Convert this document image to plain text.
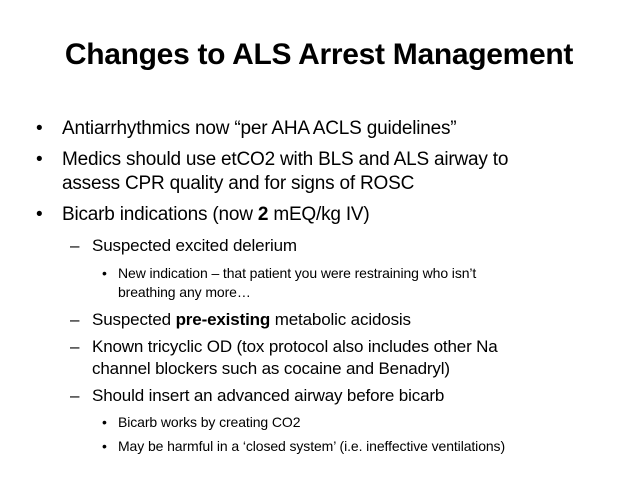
Changes to ALS Arrest Management
• Antiarrhythmics now “per AHA ACLS guidelines”
• Medics should use etCO2 with BLS and ALS airway to
assess CPR quality and for signs of ROSC
• Bicarb indications (now 2 mEQ/kg IV)
– Suspected excited delerium
• New indication – that patient you were restraining who isn’t
breathing any more…
– Suspected pre-existing metabolic acidosis
– Known tricyclic OD (tox protocol also includes other Na
channel blockers such as cocaine and Benadryl)
– Should insert an advanced airway before bicarb
• Bicarb works by creating CO2
• May be harmful in a ‘closed system’ (i.e. ineffective ventilations)
